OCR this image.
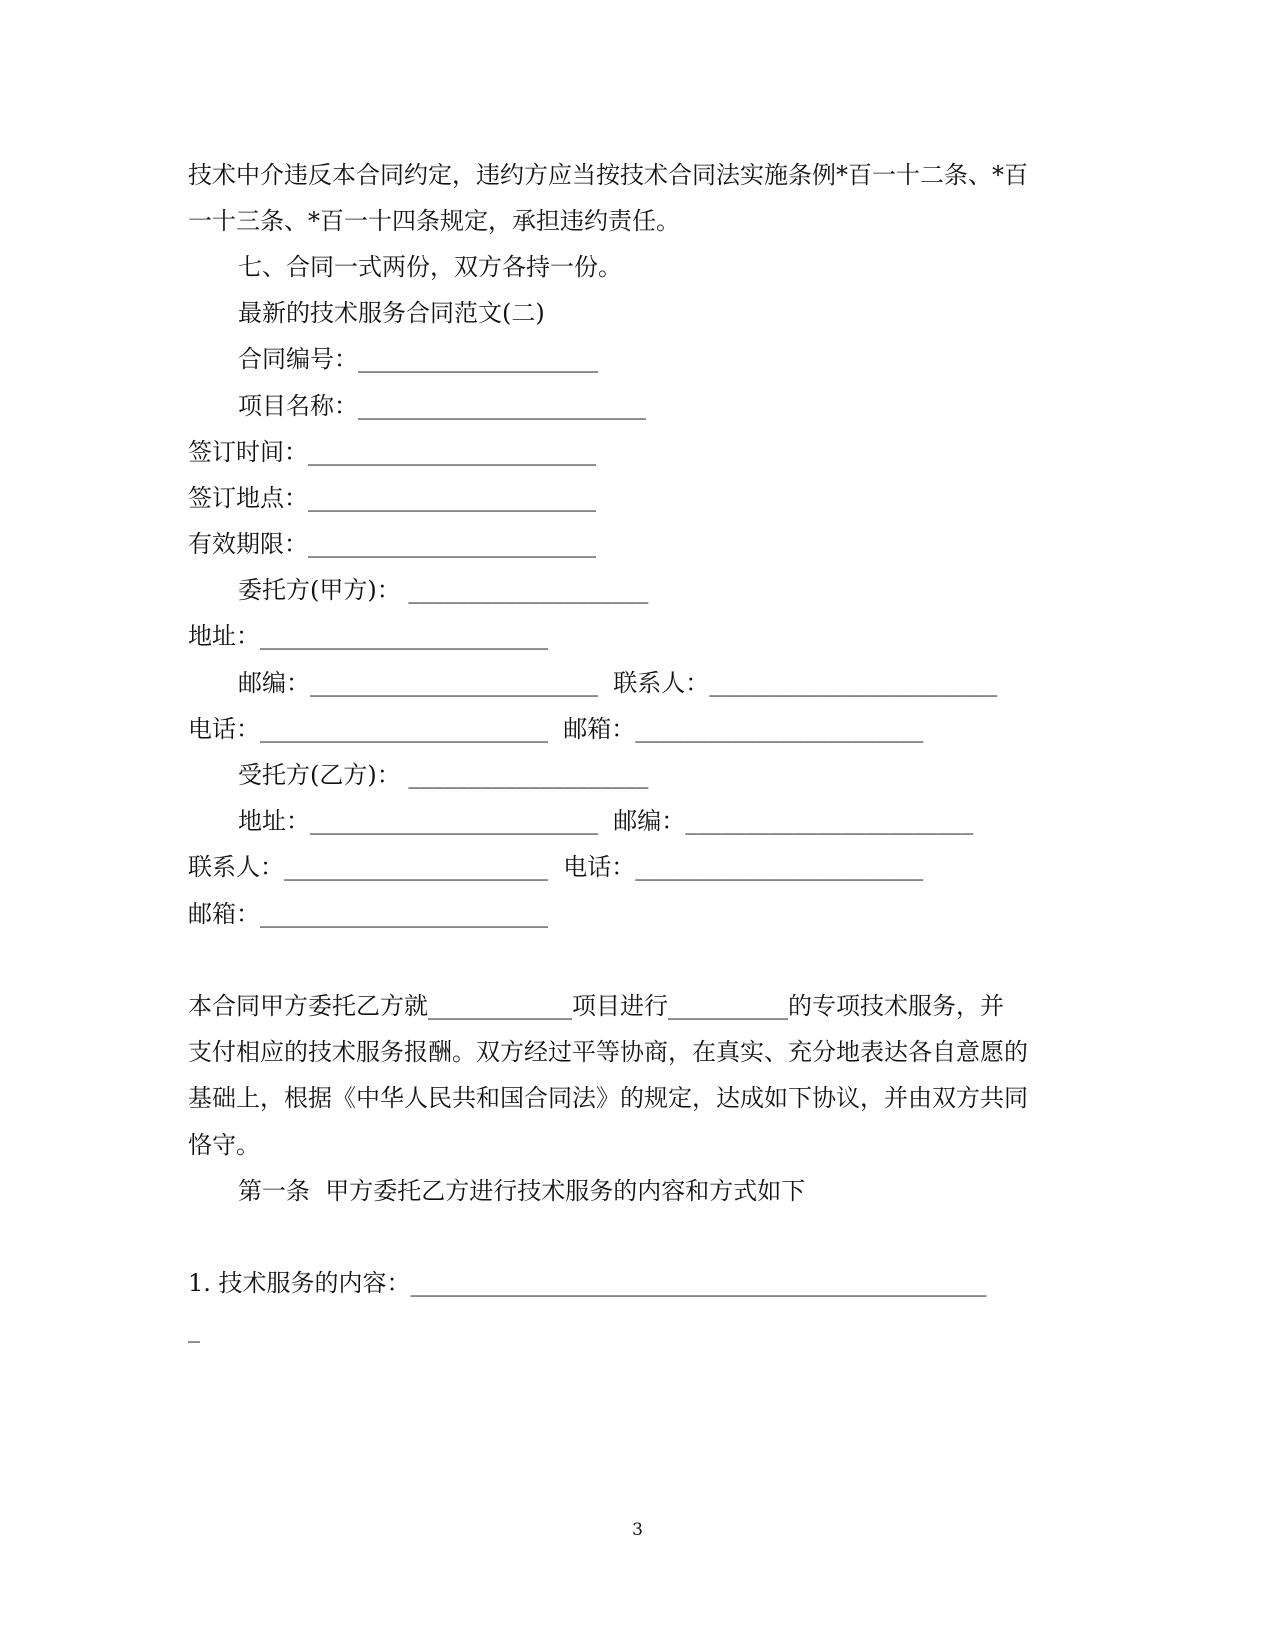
技术中介违反本合同约定，违约方应当按技术合同法实施条例*百一十二条、*百
一十三条、*百一十四条规定，承担违约责任。
七、合同一式两份，双方各持一份。
最新的技术服务合同范文(二)
合同编号：____________________
项目名称：________________________
签订时间：________________________
签订地点：________________________
有效期限：________________________
委托方(甲方)： ____________________
地址：________________________
邮编：________________________  联系人：________________________
电话：________________________  邮箱：________________________
受托方(乙方)： ____________________
地址：________________________  邮编：________________________
联系人：______________________  电话：________________________
邮箱：________________________
本合同甲方委托乙方就____________项目进行__________的专项技术服务，并
支付相应的技术服务报酬。双方经过平等协商，在真实、充分地表达各自意愿的
基础上，根据《中华人民共和国合同法》的规定，达成如下协议，并由双方共同
恪守。
第一条  甲方委托乙方进行技术服务的内容和方式如下
1. 技术服务的内容：________________________________________________
_
3
